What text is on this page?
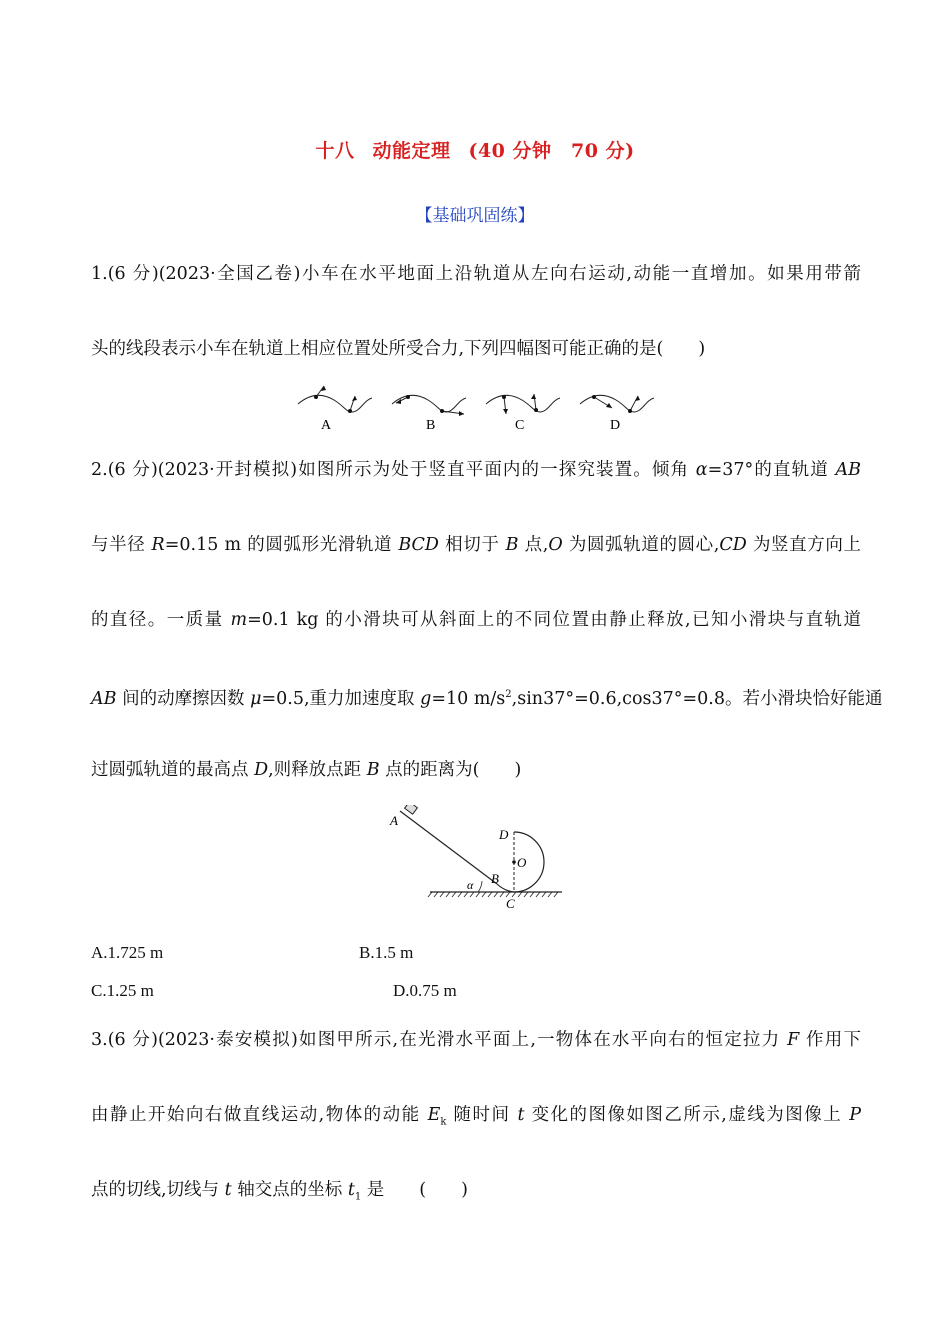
十八 动能定理 (40 分钟　70 分)
【基础巩固练】
1.(6 分)(2023·全国乙卷)小车在水平地面上沿轨道从左向右运动,动能一直增加。如果用带箭
头的线段表示小车在轨道上相应位置处所受合力,下列四幅图可能正确的是(　　)
A	B	C	D
2.(6 分)(2023·开封模拟)如图所示为处于竖直平面内的一探究装置。倾角 α=37°的直轨道 AB
与半径 R=0.15 m 的圆弧形光滑轨道 BCD 相切于 B 点,O 为圆弧轨道的圆心,CD 为竖直方向上
的直径。一质量 m=0.1 kg 的小滑块可从斜面上的不同位置由静止释放,已知小滑块与直轨道
AB 间的动摩擦因数 μ=0.5,重力加速度取 g=10 $m/s^2,\sin 37^\circ=0.6,\cos 37^\circ=0.8$。若小滑块恰好能通
过圆弧轨道的最高点 D,则释放点距 B 点的距离为(　　)
A
D
O
α B
C
A.1.725 m	B.1.5 m
C.1.25 m	D.0.75 m
3.(6 分)(2023·泰安模拟)如图甲所示,在光滑水平面上,一物体在水平向右的恒定拉力 F 作用下
由静止开始向右做直线运动,物体的动能 $E_k$ 随时间 t 变化的图像如图乙所示,虚线为图像上 P
点的切线,切线与 t 轴交点的坐标 $t_1$ 是　　(　　)
